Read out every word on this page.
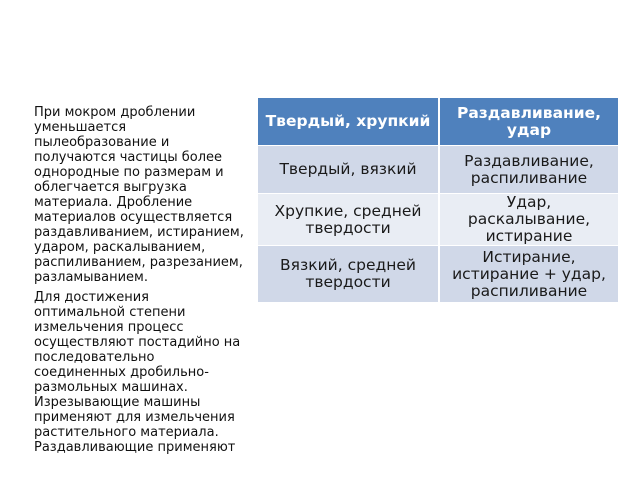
При мокром дроблении уменьшается пылеобразование и получаются частицы более однородные по размерам и облегчается выгрузка материала. Дробление материалов осуществляется раздавливанием, истиранием, ударом, раскалыванием, распиливанием, разрезанием, разламыванием.

Для достижения оптимальной степени измельчения процесс осуществляют постадийно на последовательно соединенных дробильно-размольных машинах. Изрезывающие машины применяют для измельчения растительного материала. Раздавливающие применяют

Твердый, хрупкий	Раздавливание, удар
Твердый, вязкий	Раздавливание, распиливание
Хрупкие, средней твердости	Удар, раскалывание, истирание
Вязкий, средней твердости	Истирание, истирание + удар, распиливание
